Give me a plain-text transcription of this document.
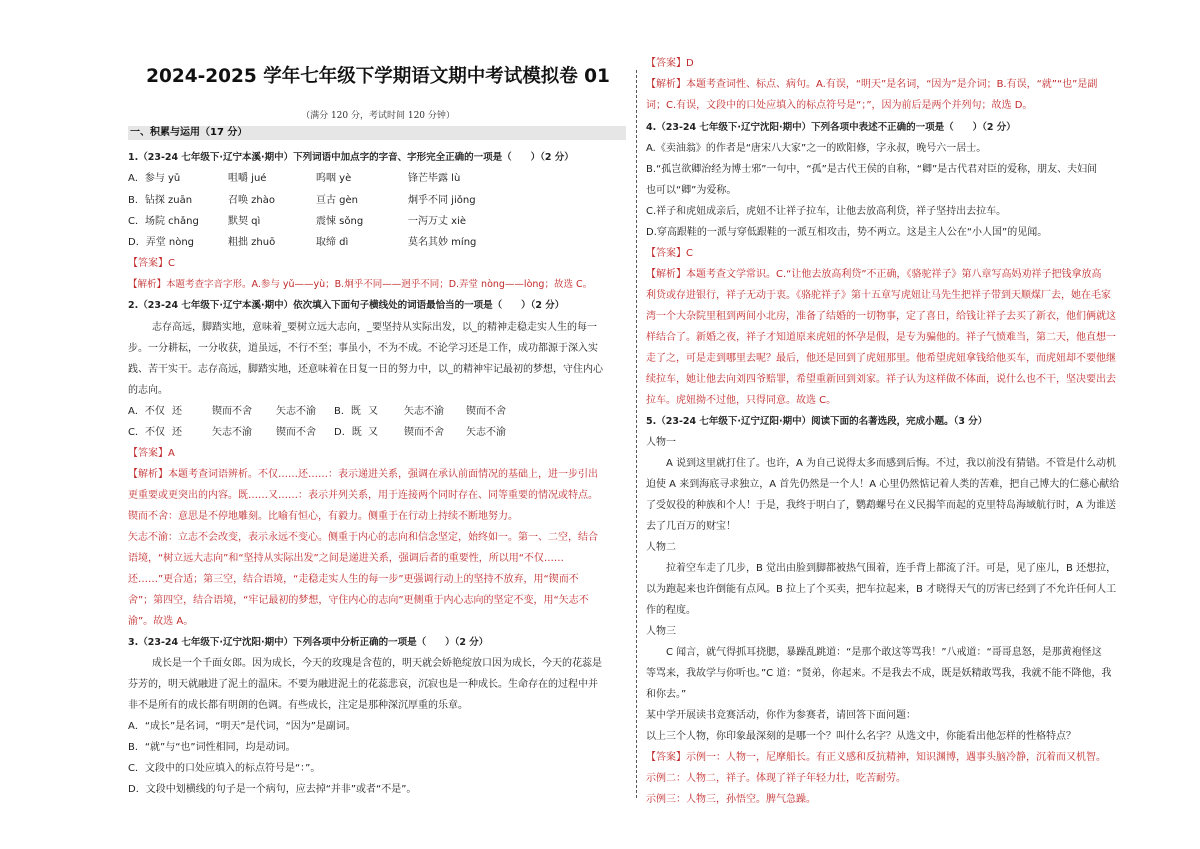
2024-2025 学年七年级下学期语文期中考试模拟卷 01
（满分 120 分，考试时间 120 分钟）
一、积累与运用（17 分）
1.（23-24 七年级下·辽宁本溪·期中）下列词语中加点字的字音、字形完全正确的一项是（　　）（2 分）
A．参与 yǔ	咀嚼 jué	呜咽 yè	锋芒毕露 lù
B．钻探 zuān	召唤 zhào	亘古 gèn	炯乎不同 jiǒng
C．场院 chǎng	默契 qì	震悚 sǒng	一泻万丈 xiè
D．弄堂 nòng	粗拙 zhuō	取缔 dì	莫名其妙 míng
【答案】C
【解析】本题考查字音字形。A.参与 yǔ——yù；B.炯乎不同——迥乎不同；D.弄堂 nòng——lòng；故选 C。
2.（23-24 七年级下·辽宁本溪·期中）依次填入下面句子横线处的词语最恰当的一项是（　　）（2 分）
志存高远，脚踏实地，意味着_要树立远大志向，_要坚持从实际出发，以_的精神走稳走实人生的每一
步。一分耕耘，一分收获，道虽远，不行不至；事虽小，不为不成。不论学习还是工作，成功都源于深入实
践、苦干实干。志存高远，脚踏实地，还意味着在日复一日的努力中，以_的精神牢记最初的梦想，守住内心
的志向。
A．不仅 还	锲而不舍 矢志不渝 B．既 又	矢志不渝 锲而不舍
C．不仅 还	矢志不渝 锲而不舍 D．既 又	锲而不舍 矢志不渝
【答案】A
【解析】本题考查词语辨析。不仅……还……：表示递进关系，强调在承认前面情况的基础上，进一步引出
更重要或更突出的内容。既……又……：表示并列关系，用于连接两个同时存在、同等重要的情况或特点。
锲而不舍：意思是不停地雕刻。比喻有恒心，有毅力。侧重于在行动上持续不断地努力。
矢志不渝：立志不会改变，表示永远不变心。侧重于内心的志向和信念坚定，始终如一。第一、二空，结合
语境，“树立远大志向”和“坚持从实际出发”之间是递进关系，强调后者的重要性，所以用“不仅……
还……”更合适；第三空，结合语境，“走稳走实人生的每一步”更强调行动上的坚持不放弃，用“锲而不
舍”；第四空，结合语境，“牢记最初的梦想，守住内心的志向”更侧重于内心志向的坚定不变，用“矢志不
渝”。故选 A。
3.（23-24 七年级下·辽宁沈阳·期中）下列各项中分析正确的一项是（　　）（2 分）
成长是一个千面女郎。因为成长，今天的玫瑰是含苞的，明天就会娇艳绽放口因为成长，今天的花蕊是
芬芳的，明天就融进了泥土的温床。不要为融进泥土的花蕊悲哀，沉寂也是一种成长。生命存在的过程中并
非不是所有的成长都有明朗的色调。有些成长，注定是那种深沉厚重的乐章。
A．“成长”是名词，“明天”是代词，“因为”是副词。
B．“就”与“也”词性相同，均是动词。
C．文段中的口处应填入的标点符号是“：”。
D．文段中划横线的句子是一个病句，应去掉“并非”或者“不是”。
【答案】D
【解析】本题考查词性、标点、病句。A.有误，“明天”是名词，“因为”是介词；B.有误，“就”“也”是副
词；C.有误，文段中的口处应填入的标点符号是“；”，因为前后是两个并列句；故选 D。
4.（23-24 七年级下·辽宁沈阳·期中）下列各项中表述不正确的一项是（　　）（2 分）
A.《卖油翁》的作者是“唐宋八大家”之一的欧阳修，字永叔，晚号六一居士。
B.“孤岂欲卿治经为博士邪”一句中，“孤”是古代王侯的自称，“卿”是古代君对臣的爱称，朋友、夫妇间
也可以“卿”为爱称。
C.祥子和虎妞成亲后，虎妞不让祥子拉车，让他去放高利贷，祥子坚持出去拉车。
D.穿高跟鞋的一派与穿低跟鞋的一派互相攻击，势不两立。这是主人公在“小人国”的见闻。
【答案】C
【解析】本题考查文学常识。C.“让他去放高利贷”不正确，《骆驼祥子》第八章写高妈劝祥子把钱拿放高
利贷或存进银行，祥子无动于衷。《骆驼祥子》第十五章写虎妞让马先生把祥子带到天顺煤厂去，她在毛家
湾一个大杂院里租到两间小北房，准备了结婚的一切物事，定了喜日，给钱让祥子去买了新衣，他们俩就这
样结合了。新婚之夜，祥子才知道原来虎妞的怀孕是假，是专为骗他的。祥子气愤难当，第二天，他直想一
走了之，可是走到哪里去呢？最后，他还是回到了虎妞那里。他希望虎妞拿钱给他买车，而虎妞却不要他继
续拉车，她让他去向刘四爷赔罪，希望重新回到刘家。祥子认为这样做不体面，说什么也不干，坚决要出去
拉车。虎妞拗不过他，只得同意。故选 C。
5.（23-24 七年级下·辽宁辽阳·期中）阅读下面的名著选段，完成小题。（3 分）
人物一
A 说到这里就打住了。也许，A 为自己说得太多而感到后悔。不过，我以前没有猜错。不管是什么动机
迫使 A 来到海底寻求独立，A 首先仍然是一个人！A 心里仍然惦记着人类的苦难，把自己博大的仁慈心献给
了受奴役的种族和个人！于是，我终于明白了，鹦鹉螺号在义民揭竿而起的克里特岛海域航行时，A 为谁送
去了几百万的财宝！
人物二
拉着空车走了几步，B 觉出由脸到脚都被热气围着，连手背上都流了汗。可是，见了座儿，B 还想拉，
以为跑起来也许倒能有点风。B 拉上了个买卖，把车拉起来，B 才晓得天气的厉害已经到了不允许任何人工
作的程度。
人物三
C 闻言，就气得抓耳挠腮，暴躁乱跳道：“是那个敢这等骂我！”八戒道：“哥哥息怒，是那黄袍怪这
等骂来，我故学与你听也。”C 道：“贤弟，你起来。不是我去不成，既是妖精敢骂我，我就不能不降他，我
和你去。”
某中学开展读书竞赛活动，你作为参赛者，请回答下面问题：
以上三个人物，你印象最深刻的是哪一个？叫什么名字？从选文中，你能看出他怎样的性格特点？
【答案】示例一：人物一，尼摩船长。有正义感和反抗精神，知识渊博，遇事头脑冷静，沉着而又机智。
示例二：人物二，祥子。体现了祥子年轻力壮，吃苦耐劳。
示例三：人物三，孙悟空。脾气急躁。
